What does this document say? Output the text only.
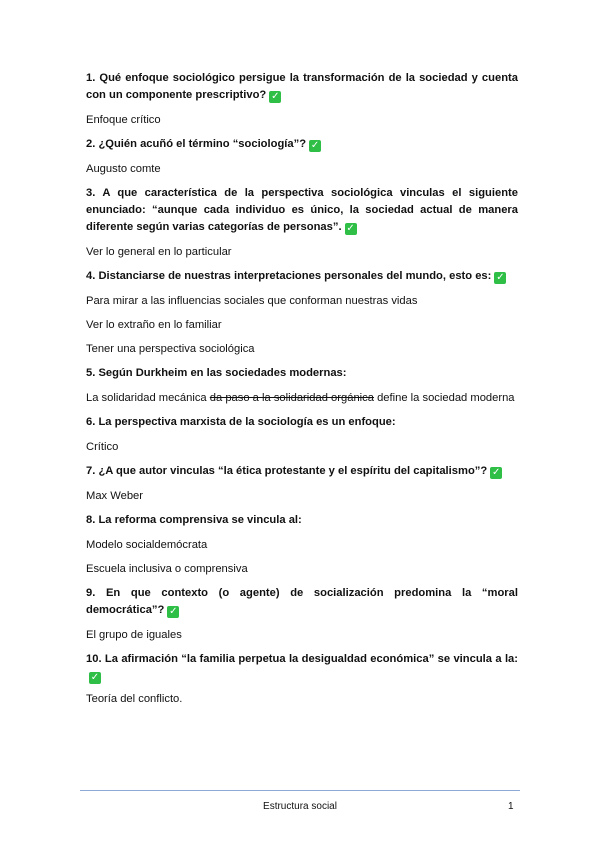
1. Qué enfoque sociológico persigue la transformación de la sociedad y cuenta con un componente prescriptivo? ✓

Enfoque crítico

2. ¿Quién acuñó el término “sociología”? ✓

Augusto comte

3. A que característica de la perspectiva sociológica vinculas el siguiente enunciado: “aunque cada individuo es único, la sociedad actual de manera diferente según varias categorías de personas”. ✓

Ver lo general en lo particular

4. Distanciarse de nuestras interpretaciones personales del mundo, esto es: ✓

Para mirar a las influencias sociales que conforman nuestras vidas

Ver lo extraño en lo familiar

Tener una perspectiva sociológica

5. Según Durkheim en las sociedades modernas:

La solidaridad mecánica da paso a la solidaridad orgánica define la sociedad moderna

6. La perspectiva marxista de la sociología es un enfoque:

Crítico

7. ¿A que autor vinculas “la ética protestante y el espíritu del capitalismo”? ✓

Max Weber

8. La reforma comprensiva se vincula al:

Modelo socialdemócrata

Escuela inclusiva o comprensiva

9. En que contexto (o agente) de socialización predomina la “moral democrática”? ✓

El grupo de iguales

10. La afirmación “la familia perpetua la desigualdad económica” se vincula a la:✓

Teoría del conflicto.

Estructura social	1
